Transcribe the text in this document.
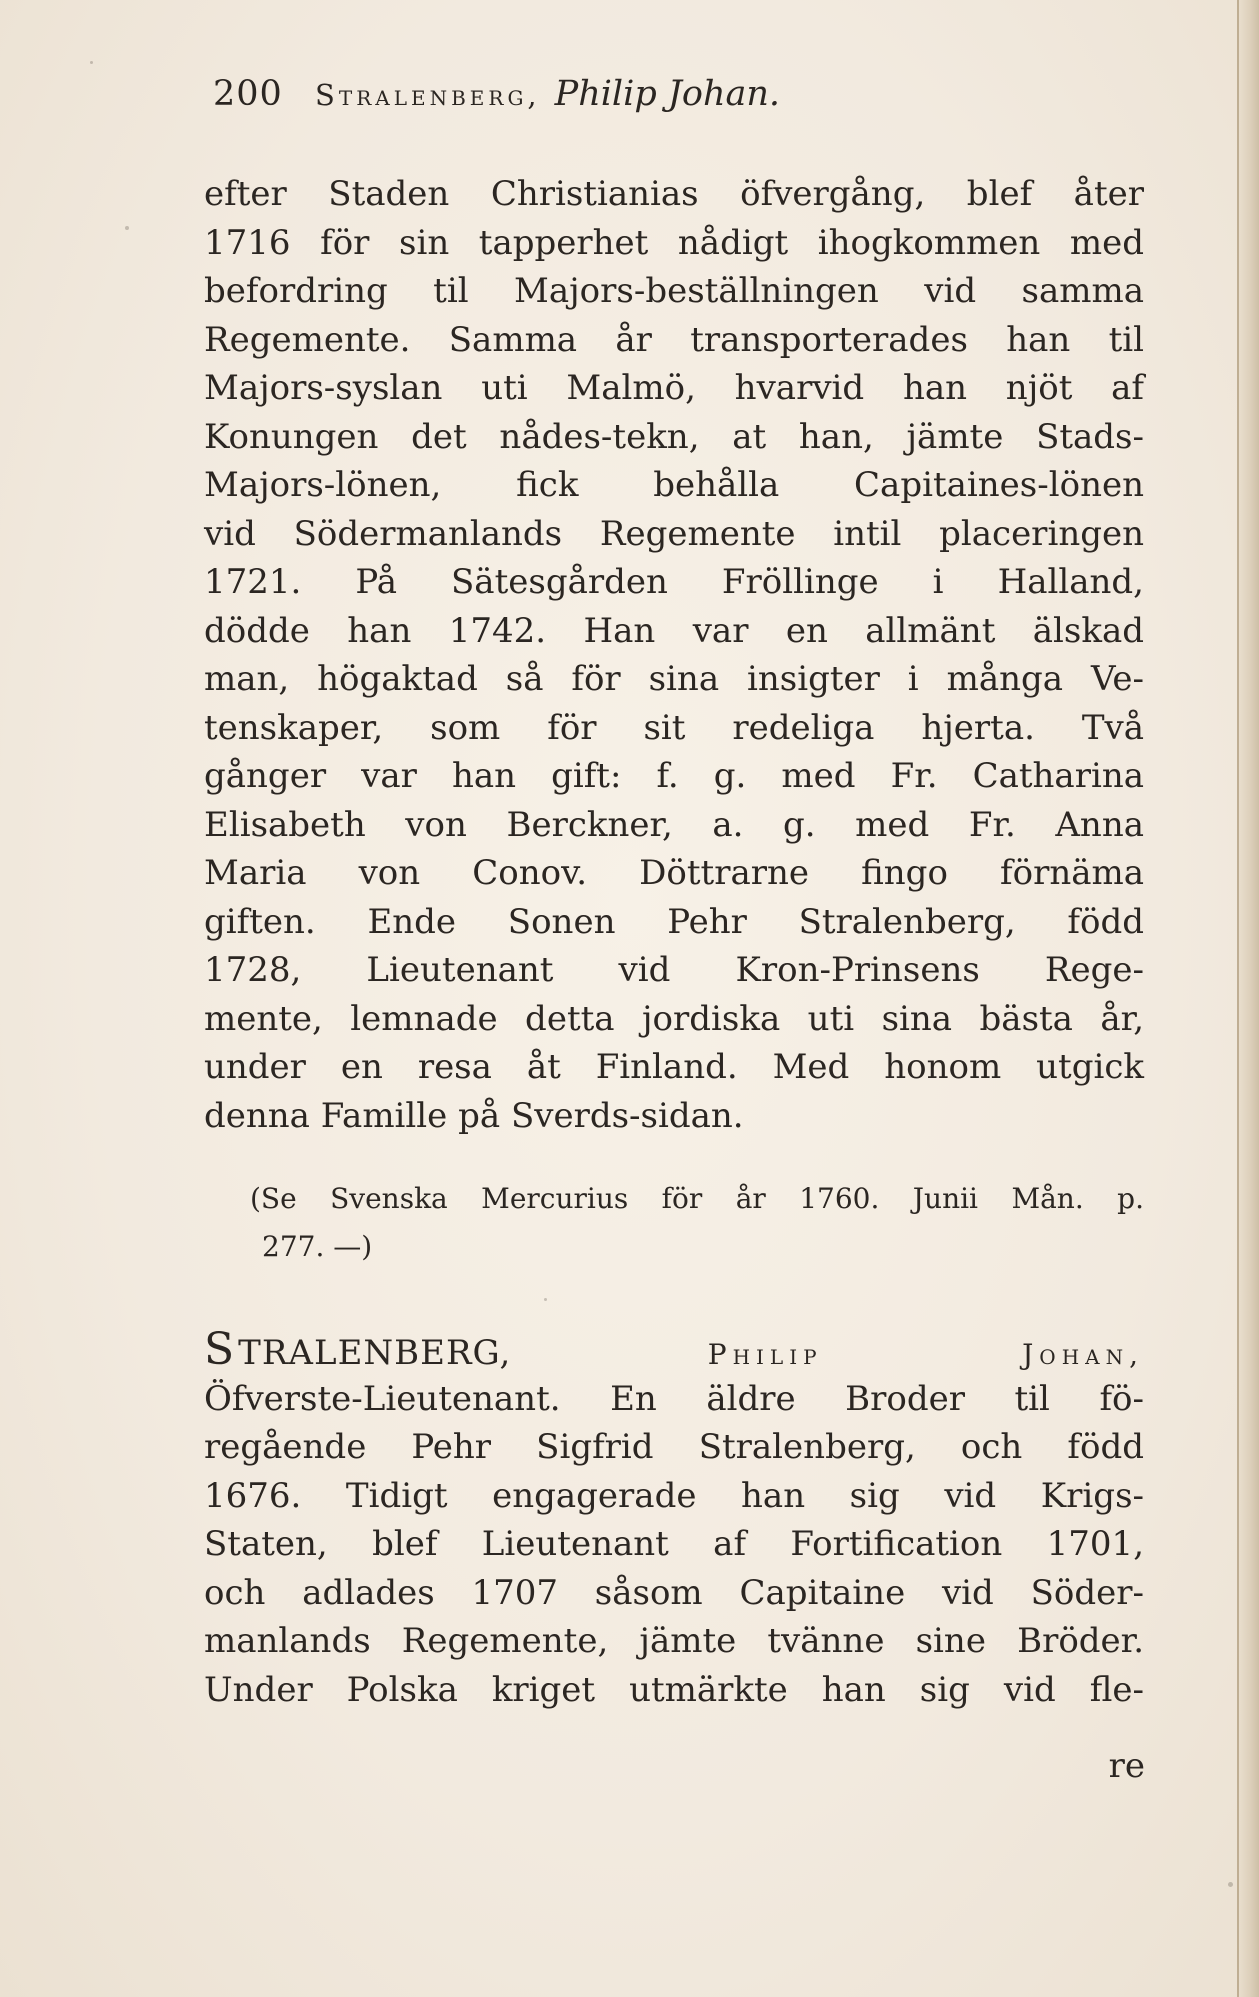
200	Stralenberg, Philip Johan.
efter Staden Christianias öfvergång, blef åter
1716 för sin tapperhet nådigt ihogkommen med
befordring til Majors-beställningen vid samma
Regemente. Samma år transporterades han til
Majors-syslan uti Malmö, hvarvid han njöt af
Konungen det nådes-tekn, at han, jämte Stads-
Majors-lönen, fick behålla Capitaines-lönen
vid Södermanlands Regemente intil placeringen
1721. På Sätesgården Fröllinge i Halland,
dödde han 1742. Han var en allmänt älskad
man, högaktad så för sina insigter i många Ve-
tenskaper, som för sit redeliga hjerta. Två
gånger var han gift: f. g. med Fr. Catharina
Elisabeth von Berckner, a. g. med Fr. Anna
Maria von Conov. Döttrarne fingo förnäma
giften. Ende Sonen Pehr Stralenberg, född
1728, Lieutenant vid Kron-Prinsens Rege-
mente, lemnade detta jordiska uti sina bästa år,
under en resa åt Finland. Med honom utgick
denna Famille på Sverds-sidan.
(Se Svenska Mercurius för år 1760. Junii Mån. p.
277. —)
STRALENBERG,	Philip Johan,
Öfverste-Lieutenant. En äldre Broder til fö-
regående Pehr Sigfrid Stralenberg, och född
1676. Tidigt engagerade han sig vid Krigs-
Staten, blef Lieutenant af Fortification 1701,
och adlades 1707 såsom Capitaine vid Söder-
manlands Regemente, jämte tvänne sine Bröder.
Under Polska kriget utmärkte han sig vid fle-
re
